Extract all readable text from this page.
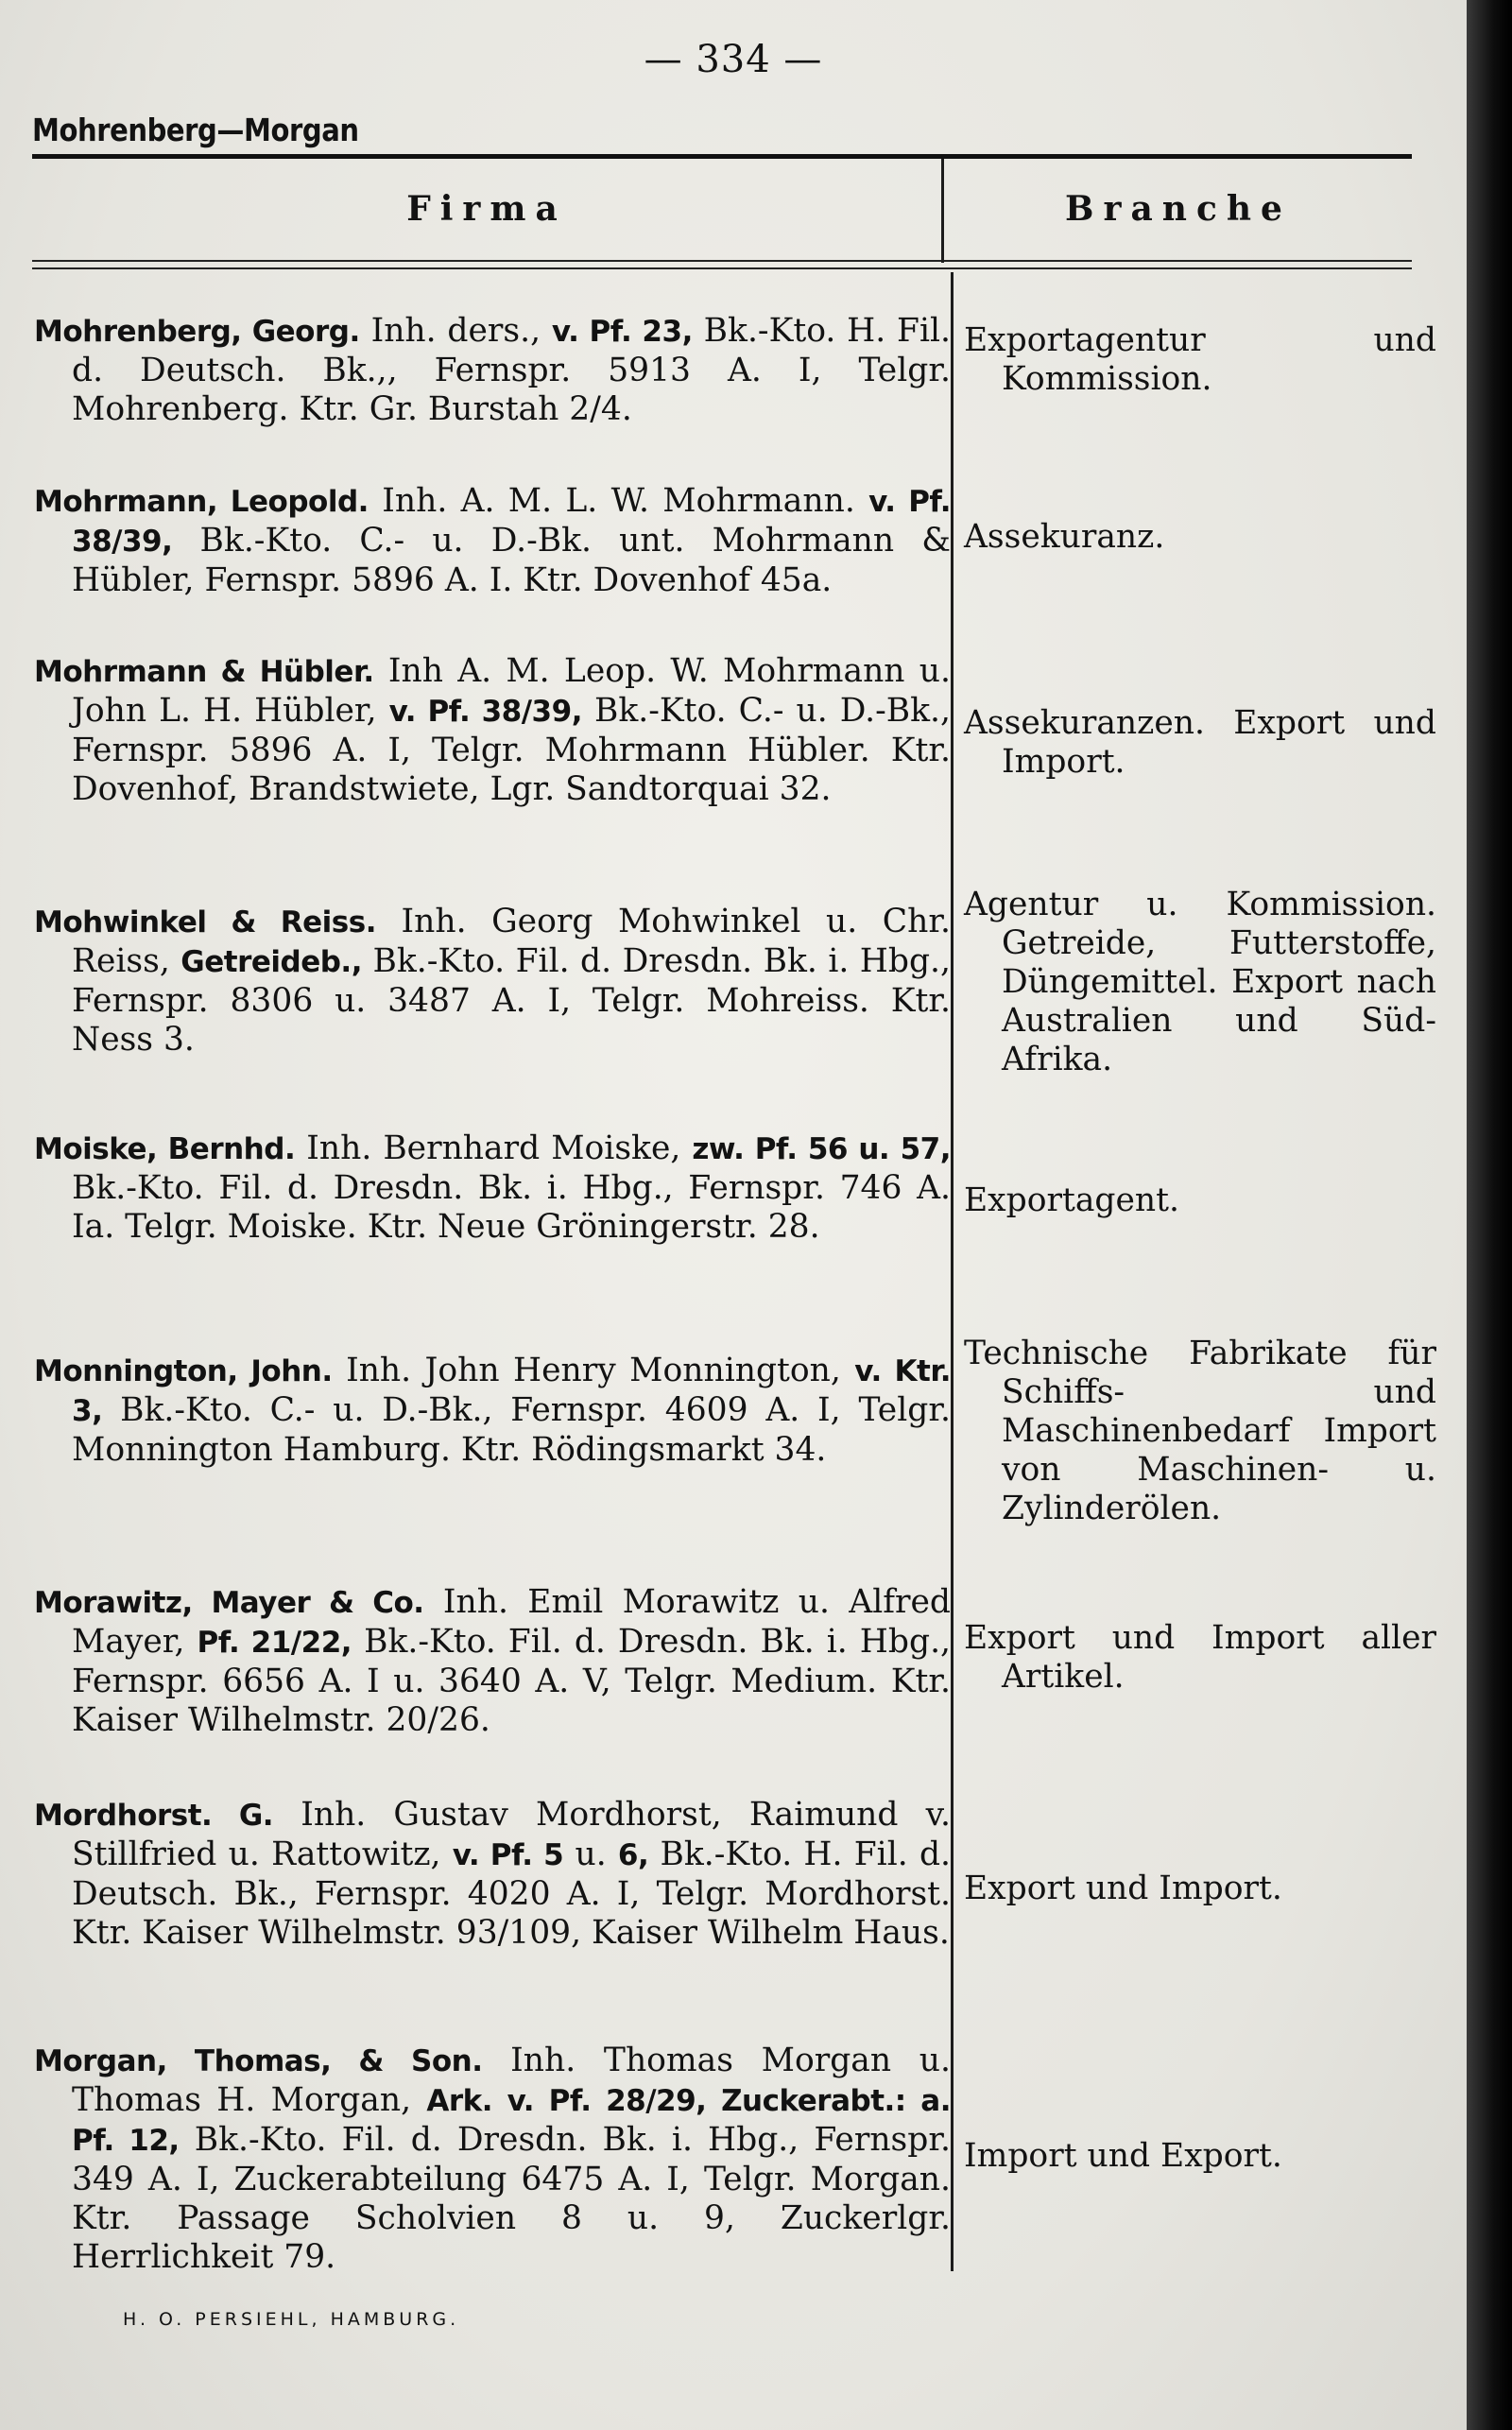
— 334 —
Mohrenberg—Morgan
Firma	Branche

Mohrenberg, Georg. Inh. ders., v. Pf. 23, Bk.-Kto. H. Fil. d. Deutsch. Bk.,, Fernspr. 5913 A. I, Telgr. Mohrenberg. Ktr. Gr. Burstah 2/4.

Exportagentur und Kommission.

Mohrmann, Leopold. Inh. A. M. L. W. Mohrmann. v. Pf. 38/39, Bk.-Kto. C.- u. D.-Bk. unt. Mohrmann & Hübler, Fernspr. 5896 A. I. Ktr. Dovenhof 45a.

Assekuranz.

Mohrmann & Hübler. Inh A. M. Leop. W. Mohrmann u. John L. H. Hübler, v. Pf. 38/39, Bk.-Kto. C.- u. D.-Bk., Fernspr. 5896 A. I, Telgr. Mohrmann Hübler. Ktr. Dovenhof, Brandstwiete, Lgr. Sandtorquai 32.

Assekuranzen. Export und Import.

Mohwinkel & Reiss. Inh. Georg Mohwinkel u. Chr. Reiss, Getreideb., Bk.-Kto. Fil. d. Dresdn. Bk. i. Hbg., Fernspr. 8306 u. 3487 A. I, Telgr. Mohreiss. Ktr. Ness 3.

Agentur u. Kommission. Getreide, Futterstoffe, Düngemittel. Export nach Australien und Süd-Afrika.

Moiske, Bernhd. Inh. Bernhard Moiske, zw. Pf. 56 u. 57, Bk.-Kto. Fil. d. Dresdn. Bk. i. Hbg., Fernspr. 746 A. Ia. Telgr. Moiske. Ktr. Neue Gröningerstr. 28.

Exportagent.

Monnington, John. Inh. John Henry Monnington, v. Ktr. 3, Bk.-Kto. C.- u. D.-Bk., Fernspr. 4609 A. I, Telgr. Monnington Hamburg. Ktr. Rödingsmarkt 34.

Technische Fabrikate für Schiffs- und Maschinenbedarf Import von Maschinen- u. Zylinderölen.

Morawitz, Mayer & Co. Inh. Emil Morawitz u. Alfred Mayer, Pf. 21/22, Bk.-Kto. Fil. d. Dresdn. Bk. i. Hbg., Fernspr. 6656 A. I u. 3640 A. V, Telgr. Medium. Ktr. Kaiser Wilhelmstr. 20/26.

Export und Import aller Artikel.

Mordhorst. G. Inh. Gustav Mordhorst, Raimund v. Stillfried u. Rattowitz, v. Pf. 5 u. 6, Bk.-Kto. H. Fil. d. Deutsch. Bk., Fernspr. 4020 A. I, Telgr. Mordhorst. Ktr. Kaiser Wilhelmstr. 93/109, Kaiser Wilhelm Haus.

Export und Import.

Morgan, Thomas, & Son. Inh. Thomas Morgan u. Thomas H. Morgan, Ark. v. Pf. 28/29, Zuckerabt.: a. Pf. 12, Bk.-Kto. Fil. d. Dresdn. Bk. i. Hbg., Fernspr. 349 A. I, Zuckerabteilung 6475 A. I, Telgr. Morgan. Ktr. Passage Scholvien 8 u. 9, Zuckerlgr. Herrlichkeit 79.

Import und Export.

H. O. PERSIEHL, HAMBURG.
